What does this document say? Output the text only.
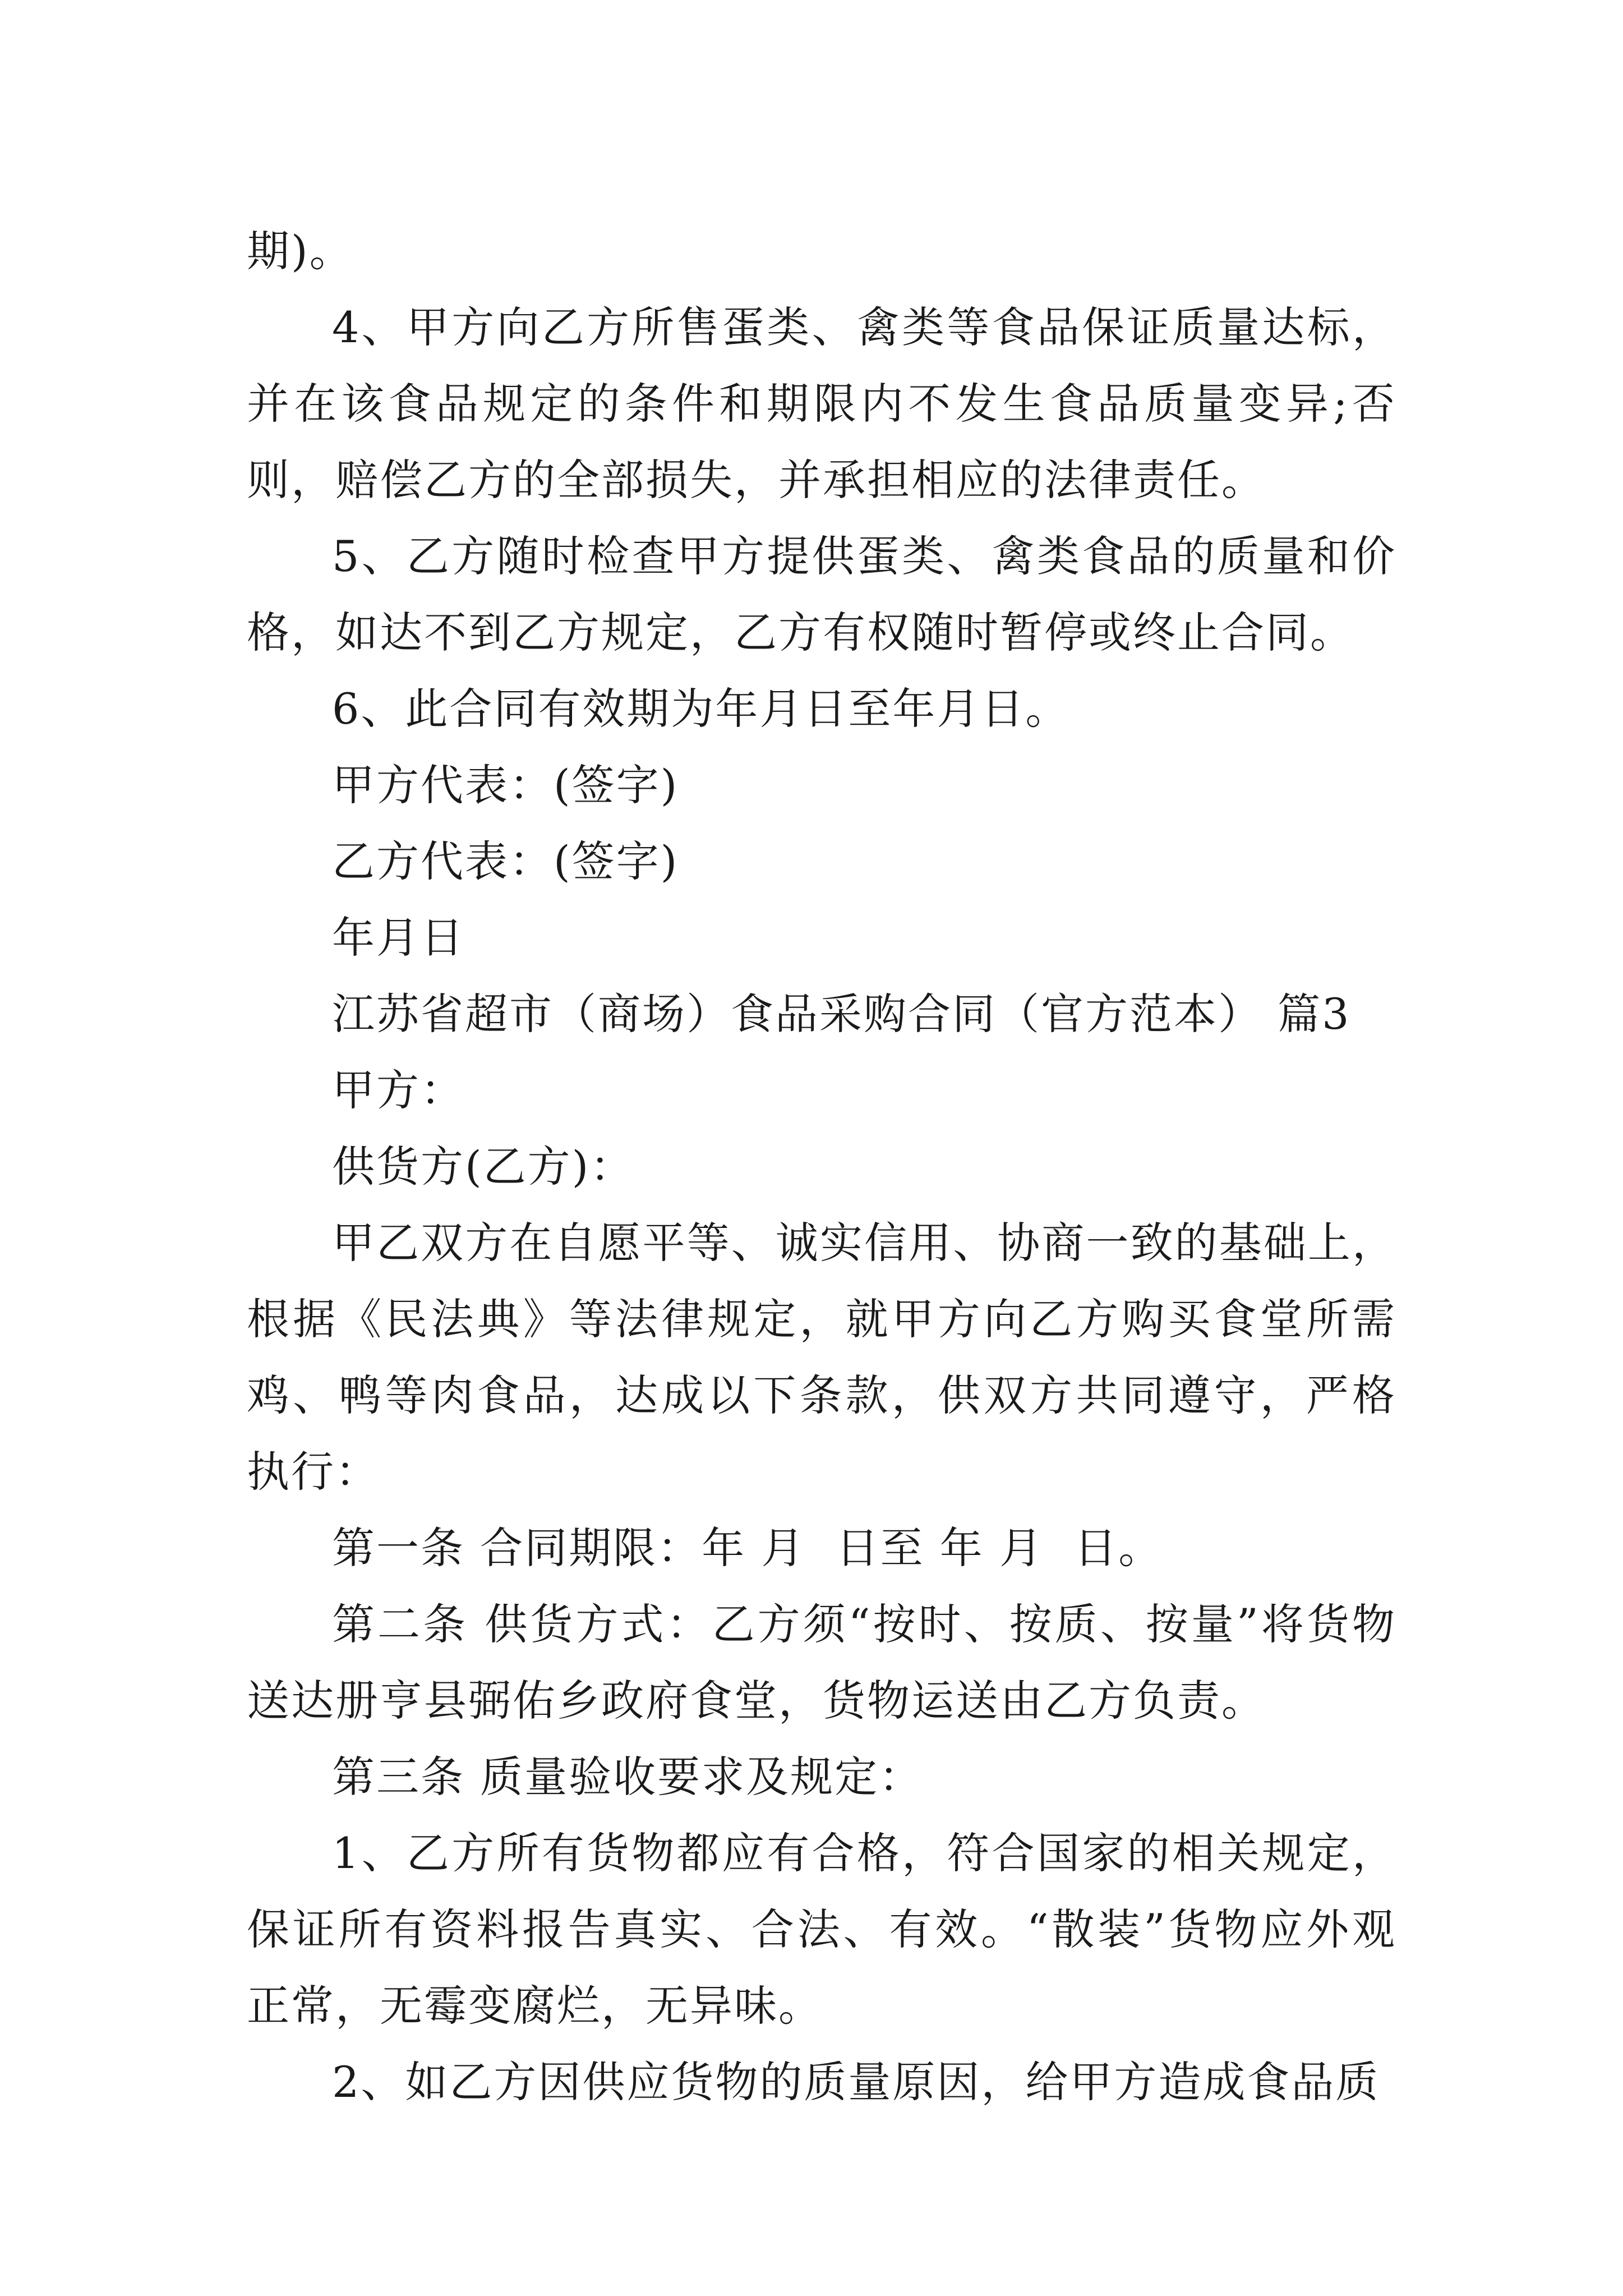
期)。

4、甲方向乙方所售蛋类、禽类等食品保证质量达标，并在该食品规定的条件和期限内不发生食品质量变异;否则，赔偿乙方的全部损失，并承担相应的法律责任。

5、乙方随时检查甲方提供蛋类、禽类食品的质量和价格，如达不到乙方规定，乙方有权随时暂停或终止合同。

6、此合同有效期为年月日至年月日。

甲方代表：(签字)

乙方代表：(签字)

年月日

江苏省超市（商场）食品采购合同（官方范本） 篇3

甲方：

供货方(乙方)：

甲乙双方在自愿平等、诚实信用、协商一致的基础上，根据《民法典》等法律规定，就甲方向乙方购买食堂所需鸡、鸭等肉食品，达成以下条款，供双方共同遵守，严格执行：

第一条 合同期限：年 月  日至 年 月  日。

第二条 供货方式：乙方须“按时、按质、按量”将货物送达册亨县弼佑乡政府食堂，货物运送由乙方负责。

第三条 质量验收要求及规定：

1、乙方所有货物都应有合格，符合国家的相关规定，保证所有资料报告真实、合法、有效。“散装”货物应外观正常，无霉变腐烂，无异味。

2、如乙方因供应货物的质量原因，给甲方造成食品质
